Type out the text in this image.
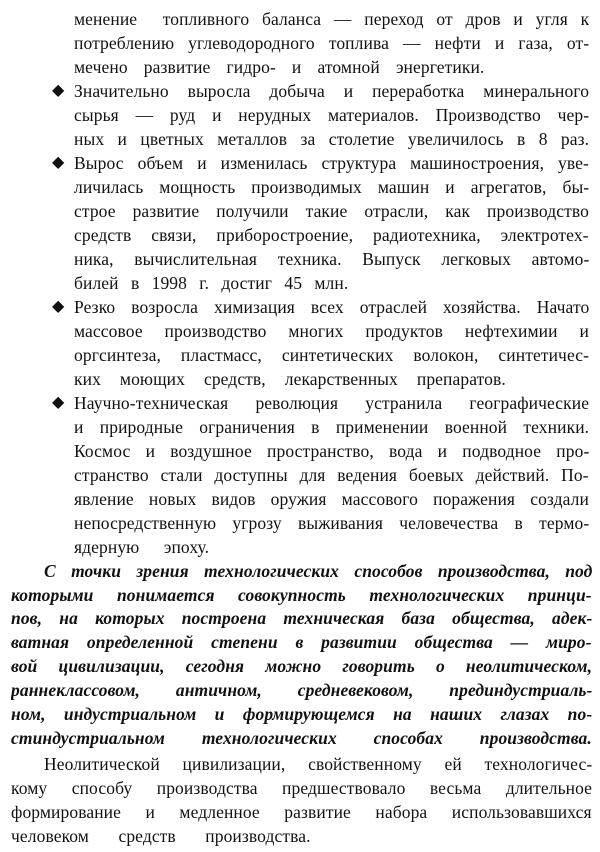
менение  топливного баланса — переход от дров и угля к
потреблению углеводородного топлива — нефти и газа, от-
мечено развитие гидро- и атомной энергетики.
Значительно выросла добыча и переработка минерального
◆
сырья — руд и нерудных материалов. Производство чер-
ных и цветных металлов за столетие увеличилось в 8 раз.
Вырос объем и изменилась структура машиностроения, уве-
◆
личилась мощность производимых машин и агрегатов, бы-
строе развитие получили такие отрасли, как производство
средств связи, приборостроение, радиотехника, электротех-
ника, вычислительная техника. Выпуск легковых автомо-
билей в 1998 г. достиг 45 млн.
Резко возросла химизация всех отраслей хозяйства. Начато
◆
массовое производство многих продуктов нефтехимии и
оргсинтеза, пластмасс, синтетических волокон, синтетичес-
ких моющих средств, лекарственных препаратов.
Научно-техническая революция устранила географические
◆
и природные ограничения в применении военной техники.
Космос и воздушное пространство, вода и подводное про-
странство стали доступны для ведения боевых действий. По-
явление новых видов оружия массового поражения создали
непосредственную угрозу выживания человечества в термо-
ядерную эпоху.
С точки зрения технологических способов производства, под
которыми понимается совокупность технологических принци-
пов, на которых построена техническая база общества, адек-
ватная определенной степени в развитии общества — миро-
вой цивилизации, сегодня можно говорить о неолитическом,
раннеклассовом, античном, средневековом, прединдустриаль-
ном, индустриальном и формирующемся на наших глазах по-
стиндустриальном технологических способах производства.
Неолитической цивилизации, свойственному ей технологичес-
кому способу производства предшествовало весьма длительное
формирование и медленное развитие набора использовавшихся
человеком средств производства.
